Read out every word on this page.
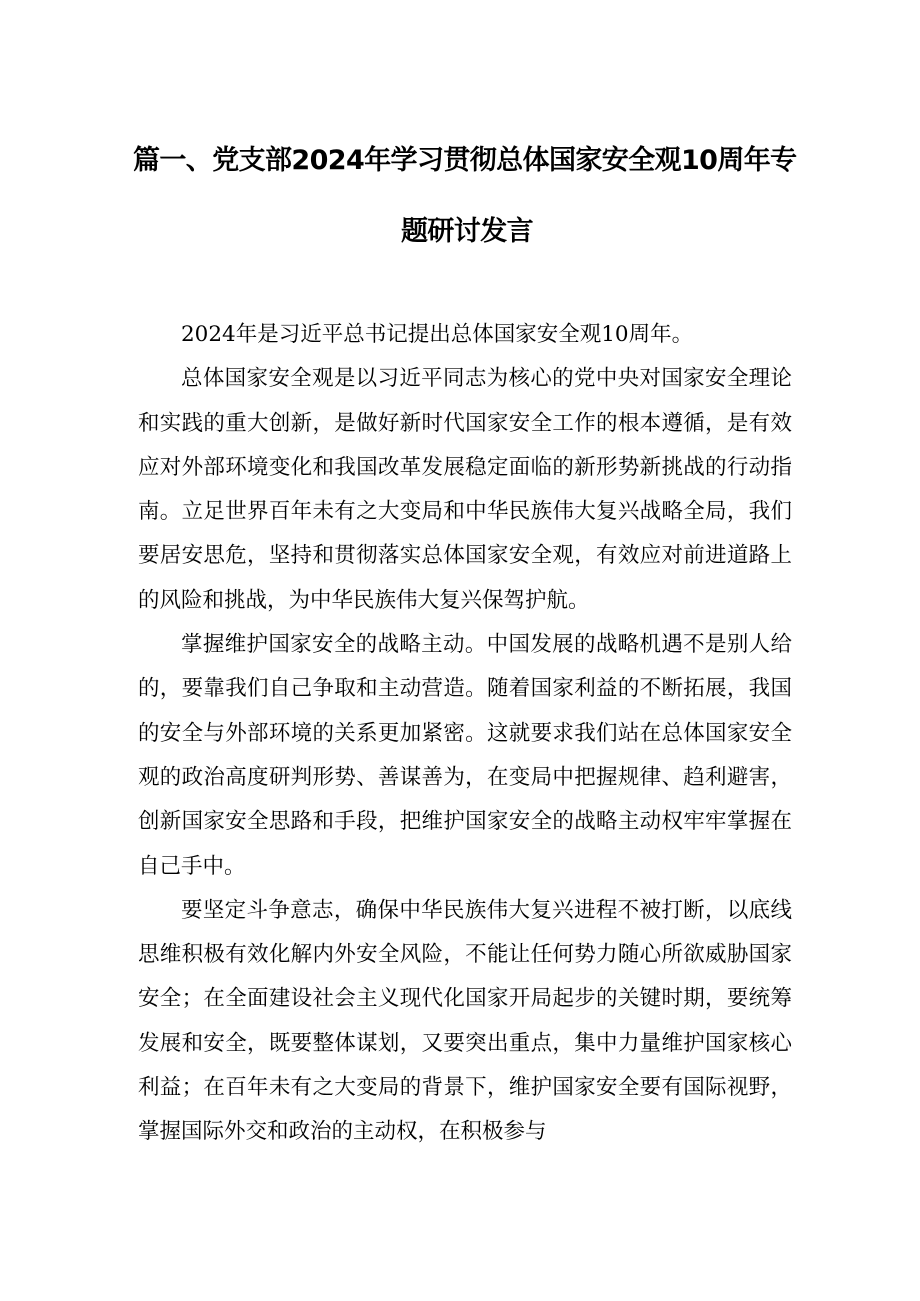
篇一、党支部2024年学习贯彻总体国家安全观10周年专
题研讨发言

2024年是习近平总书记提出总体国家安全观10周年。

总体国家安全观是以习近平同志为核心的党中央对国家安全理论和实践的重大创新，是做好新时代国家安全工作的根本遵循，是有效应对外部环境变化和我国改革发展稳定面临的新形势新挑战的行动指南。立足世界百年未有之大变局和中华民族伟大复兴战略全局，我们要居安思危，坚持和贯彻落实总体国家安全观，有效应对前进道路上的风险和挑战，为中华民族伟大复兴保驾护航。

掌握维护国家安全的战略主动。中国发展的战略机遇不是别人给的，要靠我们自己争取和主动营造。随着国家利益的不断拓展，我国的安全与外部环境的关系更加紧密。这就要求我们站在总体国家安全观的政治高度研判形势、善谋善为，在变局中把握规律、趋利避害，创新国家安全思路和手段，把维护国家安全的战略主动权牢牢掌握在自己手中。

要坚定斗争意志，确保中华民族伟大复兴进程不被打断，以底线思维积极有效化解内外安全风险，不能让任何势力随心所欲威胁国家安全；在全面建设社会主义现代化国家开局起步的关键时期，要统筹发展和安全，既要整体谋划，又要突出重点，集中力量维护国家核心利益；在百年未有之大变局的背景下，维护国家安全要有国际视野，掌握国际外交和政治的主动权，在积极参与
